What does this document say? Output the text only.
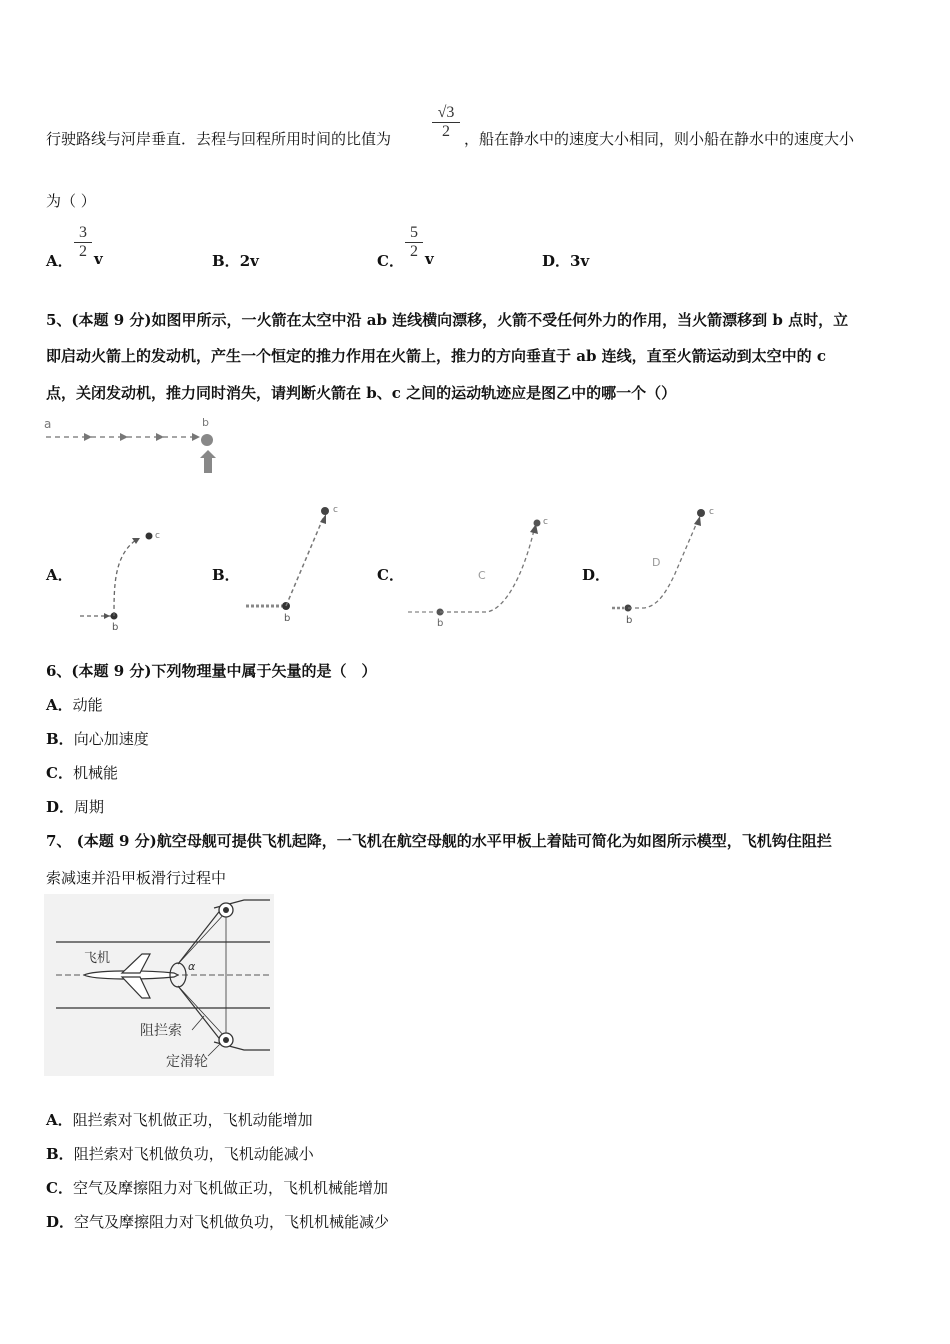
行驶路线与河岸垂直．去程与回程所用时间的比值为	$\frac{√3}{2}$ ，船在静水中的速度大小相同，则小船在静水中的速度大小
为（ ）
A． $\frac{3}{2}$ v	B．2v	C． $\frac{5}{2}$ v	D．3v
5、(本题 9 分)如图甲所示，一火箭在太空中沿 ab 连线横向漂移，火箭不受任何外力的作用，当火箭漂移到 b 点时，立
即启动火箭上的发动机，产生一个恒定的推力作用在火箭上，推力的方向垂直于 ab 连线，直至火箭运动到太空中的 c
点，关闭发动机，推力同时消失，请判断火箭在 b、c 之间的运动轨迹应是图乙中的哪一个（）
a	b
A．	B．	C．	D．
b
c
b
c
b
c
C
b
c
D
6、(本题 9 分)下列物理量中属于矢量的是（　）
A．动能
B．向心加速度
C．机械能
D．周期
7、 (本题 9 分)航空母舰可提供飞机起降，一飞机在航空母舰的水平甲板上着陆可简化为如图所示模型，飞机钩住阻拦
索减速并沿甲板滑行过程中
飞机
α
阻拦索
定滑轮
A．阻拦索对飞机做正功，飞机动能增加
B．阻拦索对飞机做负功，飞机动能减小
C．空气及摩擦阻力对飞机做正功，飞机机械能增加
D．空气及摩擦阻力对飞机做负功，飞机机械能减少
